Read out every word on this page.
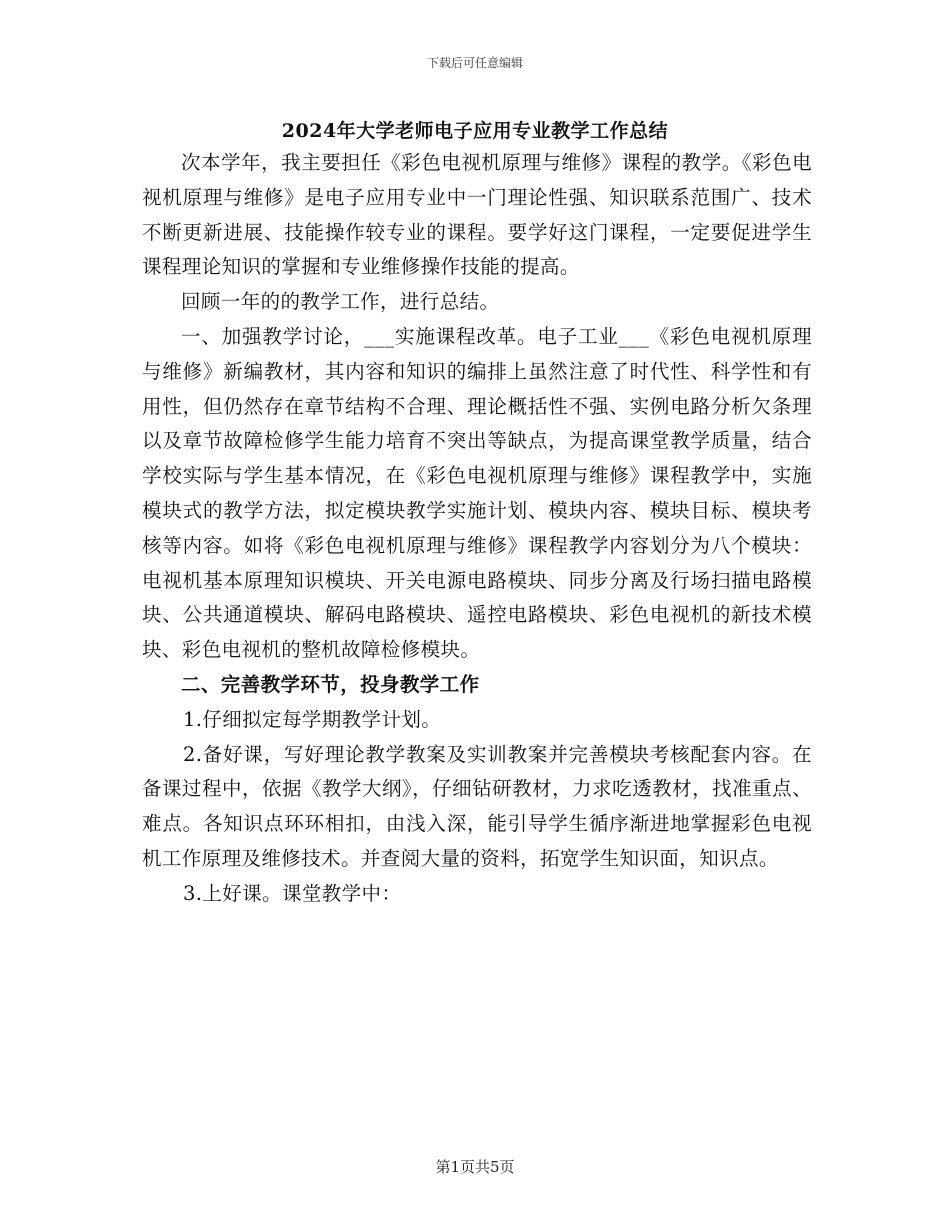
下载后可任意编辑
2024年大学老师电子应用专业教学工作总结

次本学年，我主要担任《彩色电视机原理与维修》课程的教学。《彩色电视机原理与维修》是电子应用专业中一门理论性强、知识联系范围广、技术不断更新进展、技能操作较专业的课程。要学好这门课程，一定要促进学生课程理论知识的掌握和专业维修操作技能的提高。

回顾一年的的教学工作，进行总结。

一、加强教学讨论，___实施课程改革。电子工业___《彩色电视机原理与维修》新编教材，其内容和知识的编排上虽然注意了时代性、科学性和有用性，但仍然存在章节结构不合理、理论概括性不强、实例电路分析欠条理以及章节故障检修学生能力培育不突出等缺点，为提高课堂教学质量，结合学校实际与学生基本情况，在《彩色电视机原理与维修》课程教学中，实施模块式的教学方法，拟定模块教学实施计划、模块内容、模块目标、模块考核等内容。如将《彩色电视机原理与维修》课程教学内容划分为八个模块：电视机基本原理知识模块、开关电源电路模块、同步分离及行场扫描电路模块、公共通道模块、解码电路模块、遥控电路模块、彩色电视机的新技术模块、彩色电视机的整机故障检修模块。

二、完善教学环节，投身教学工作

1.仔细拟定每学期教学计划。

2.备好课，写好理论教学教案及实训教案并完善模块考核配套内容。在备课过程中，依据《教学大纲》，仔细钻研教材，力求吃透教材，找准重点、难点。各知识点环环相扣，由浅入深，能引导学生循序渐进地掌握彩色电视机工作原理及维修技术。并查阅大量的资料，拓宽学生知识面，知识点。

3.上好课。课堂教学中：

第1页共5页
